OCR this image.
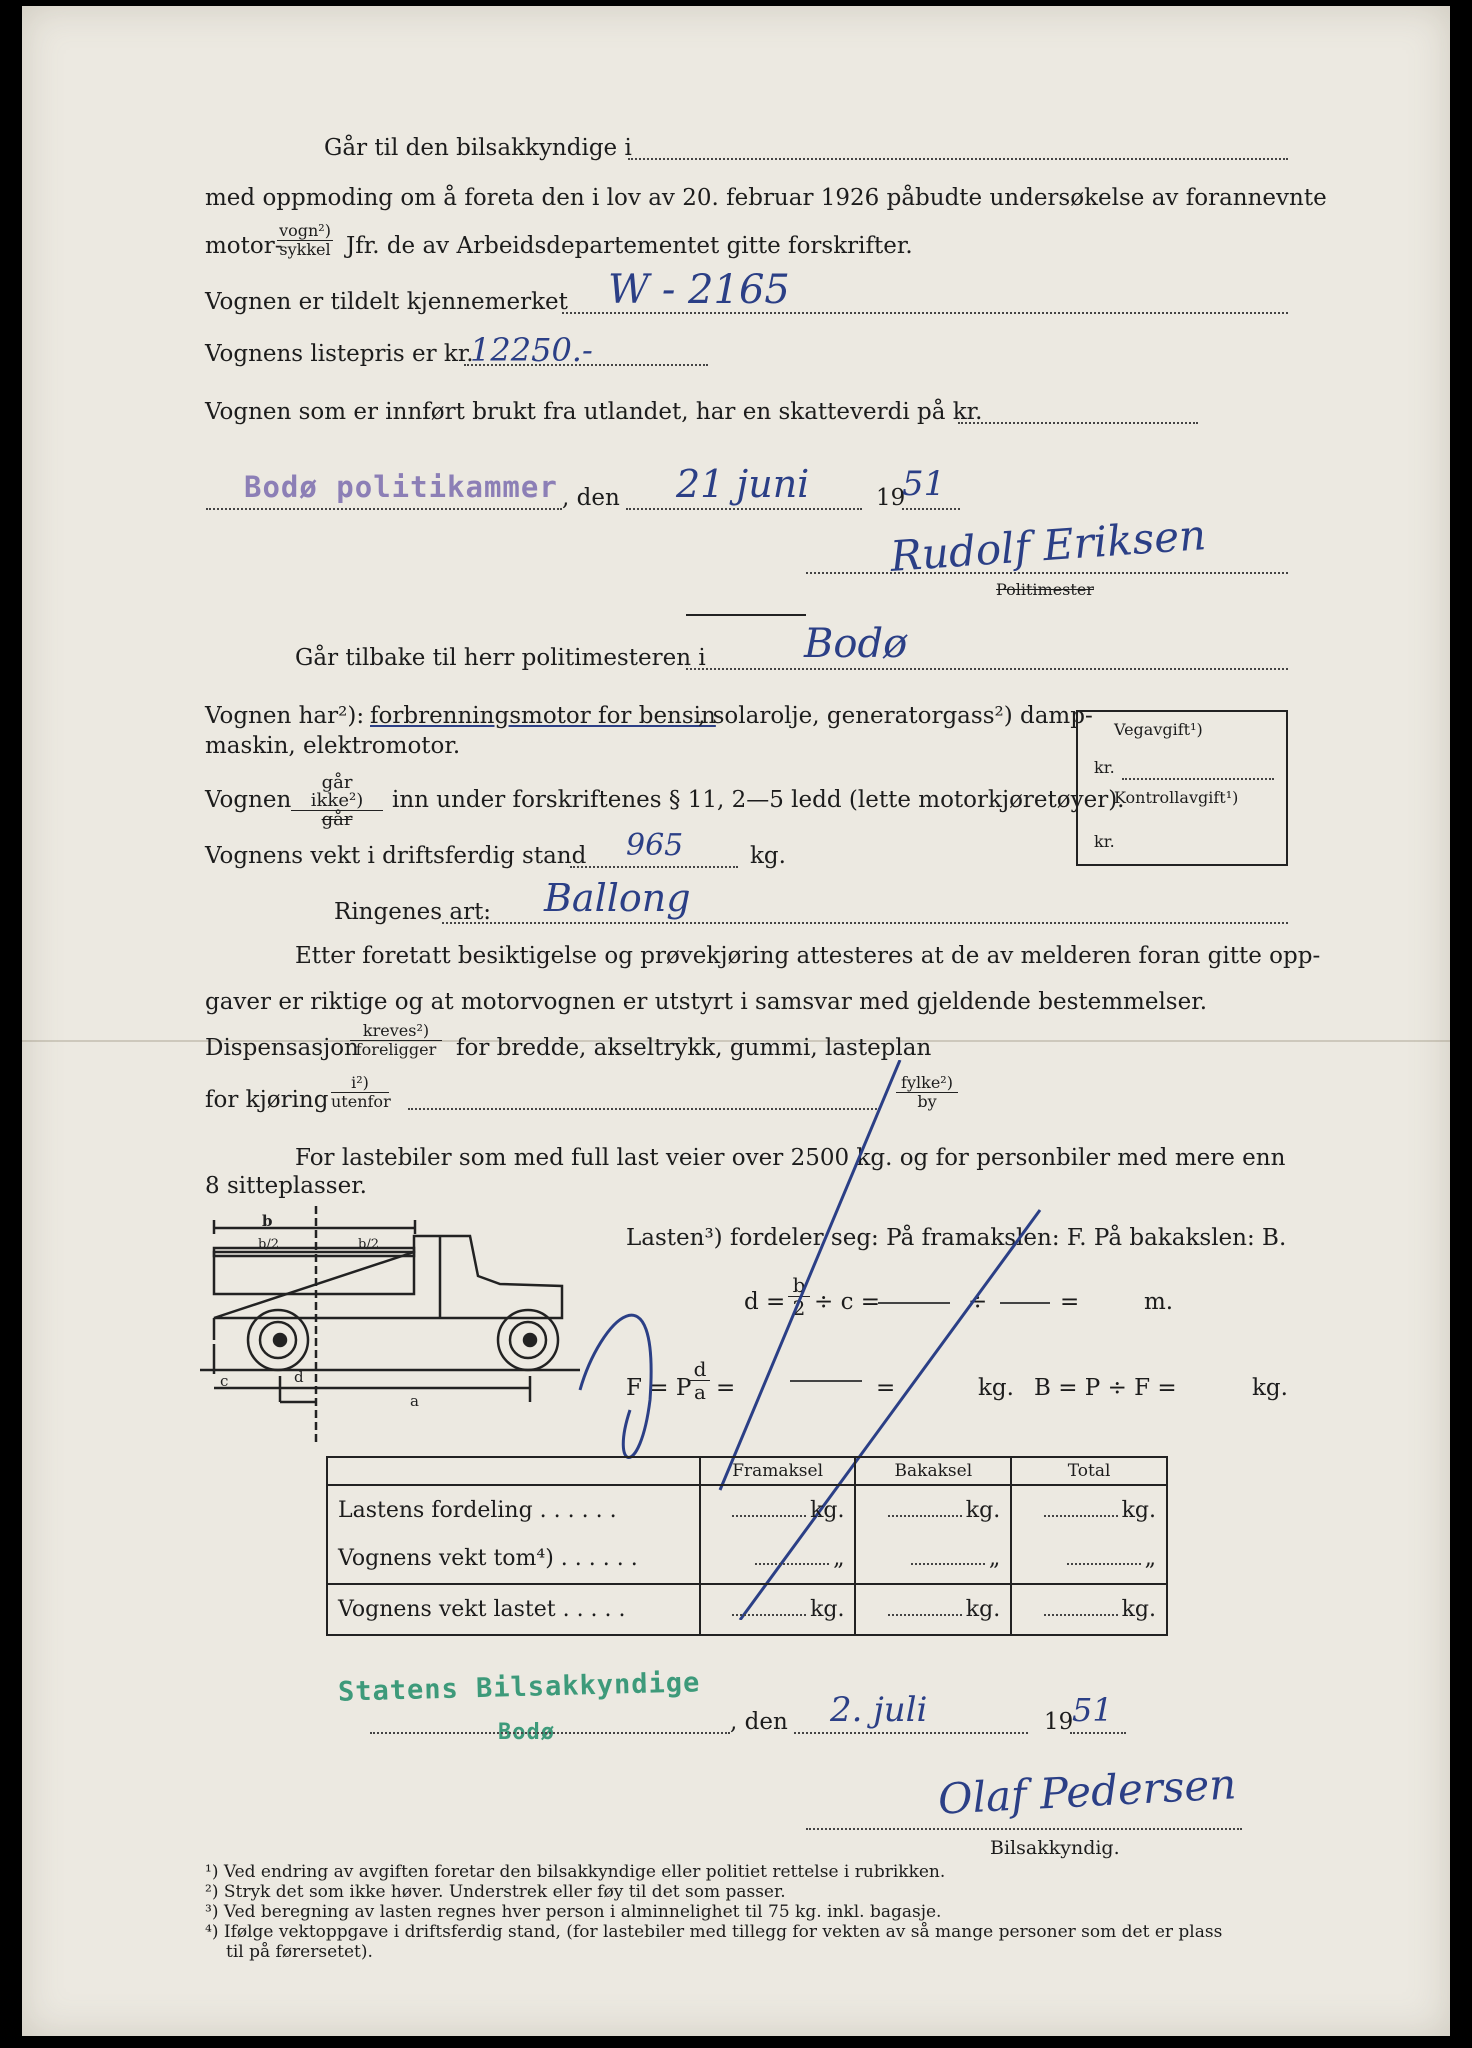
Går til den bilsakkyndige i
med oppmoding om å foreta den i lov av 20. februar 1926 påbudte undersøkelse av forannevnte
motor-
vogn²)
sykkel Jfr. de av Arbeidsdepartementet gitte forskrifter.
Vognen er tildelt kjennemerket W - 2165
Vognens listepris er kr.
12250.-
Vognen som er innført brukt fra utlandet, har en skatteverdi på kr.
Bodø politikammer , den 21 juni	19
51
Rudolf Eriksen
Politimester
Går tilbake til herr politimesteren i Bodø
Vognen har²): forbrenningsmotor for bensin
, solarolje, generatorgass²) damp-
maskin, elektromotor.
Vegavgift¹)
kr.
Kontrollavgift¹)
kr.
Vognen
går ikke²)
går
inn under forskriftenes § 11, 2—5 ledd (lette motorkjøretøyer).
Vognens vekt i driftsferdig stand 965	kg.
Ringenes art: Ballong
Etter foretatt besiktigelse og prøvekjøring attesteres at de av melderen foran gitte opp-
gaver er riktige og at motorvognen er utstyrt i samsvar med gjeldende bestemmelser.
Dispensasjon
kreves²)
foreligger for bredde, akseltrykk, gummi, lasteplan
for kjøring
i²)
utenfor
fylke²)
by
For lastebiler som med full last veier over 2500 kg. og for personbiler med mere enn
8 sitteplasser.
b
b/2	b/2
c	d
a
Lasten³) fordeler seg: På framakslen: F. På bakakslen: B.
$d = \frac{b}{2} \div c$ =	÷	=	m.
F = P
$\frac{d}{a}$ =	=	kg. B = P ÷ F =	kg.
	Framaksel	Bakaksel	Total
Lastens fordeling . . . . . .	kg.	kg.	kg.
Vognens vekt tom⁴) . . . . . .	„	„	„
Vognens vekt lastet . . . . .	kg.	kg.	kg.
Statens Bilsakkyndige
Bodø	, den 2. juli	19
51
Olaf Pedersen
Bilsakkyndig.
¹) Ved endring av avgiften foretar den bilsakkyndige eller politiet rettelse i rubrikken.
²) Stryk det som ikke høver. Understrek eller føy til det som passer.
³) Ved beregning av lasten regnes hver person i alminnelighet til 75 kg. inkl. bagasje.
⁴) Ifølge vektoppgave i driftsferdig stand, (for lastebiler med tillegg for vekten av så mange personer som det er plass
til på førersetet).
